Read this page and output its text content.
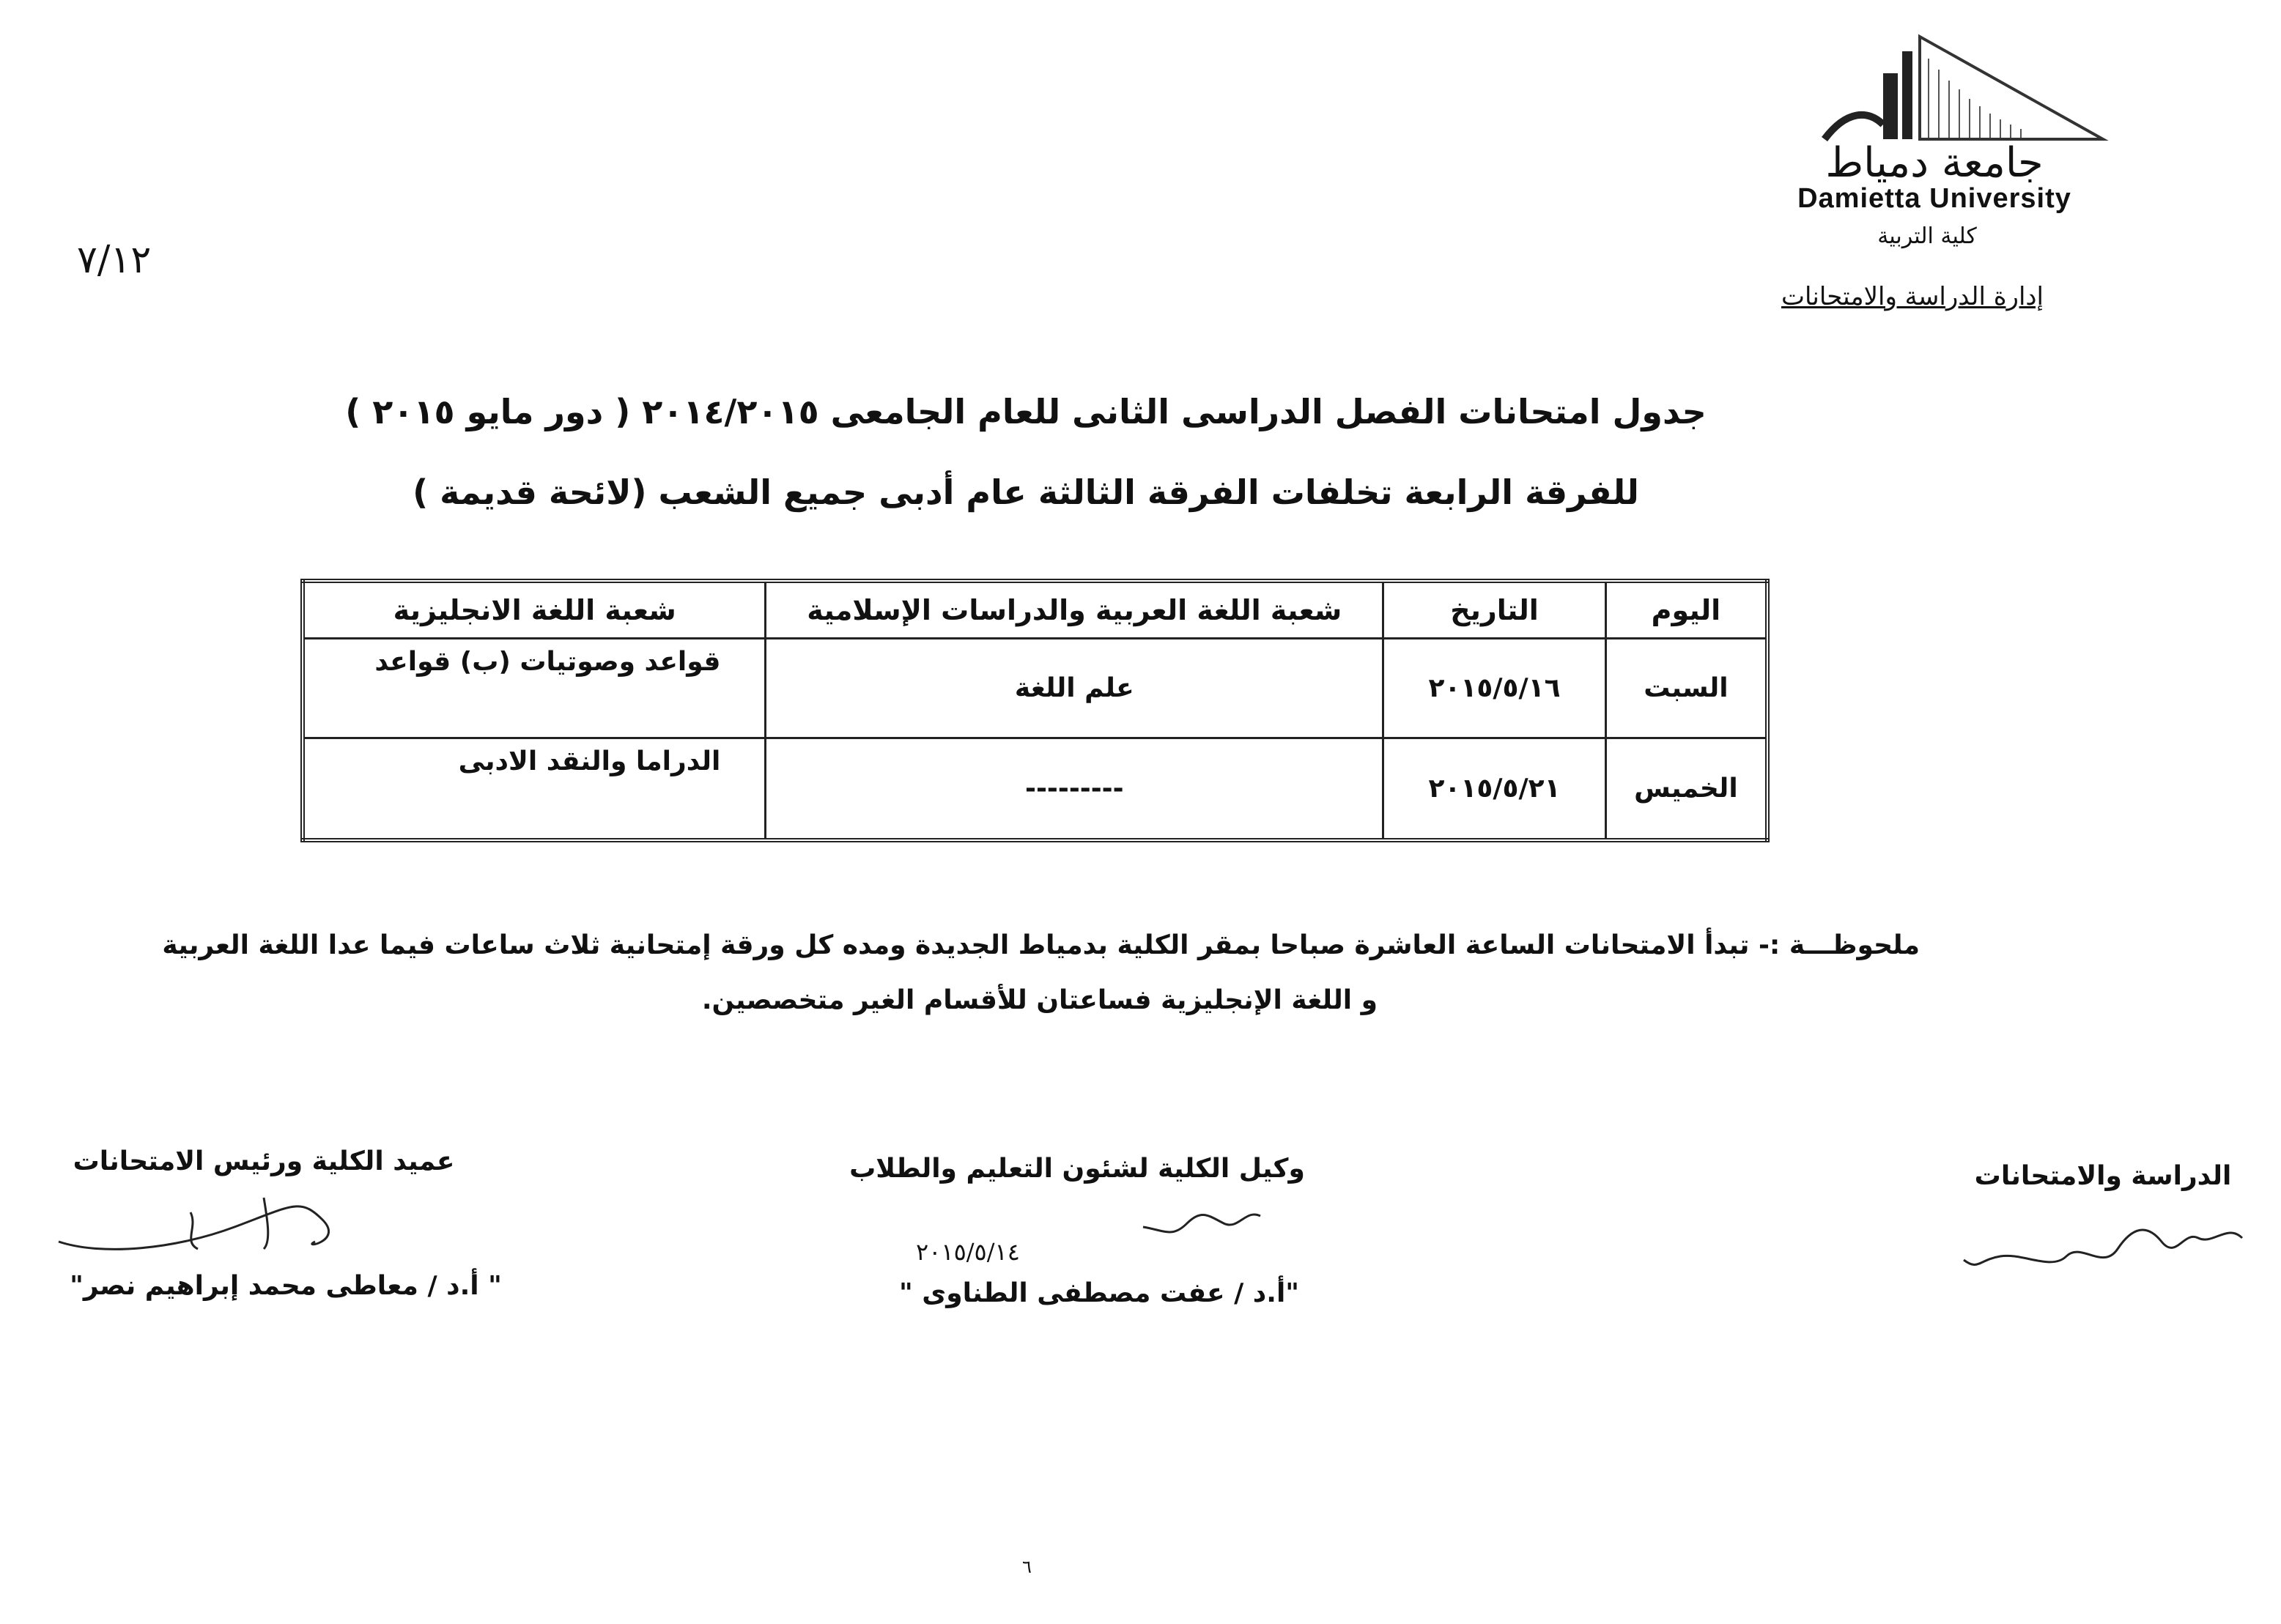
جامعة دمياط
Damietta University
كلية التربية
إدارة الدراسة والامتحانات
٧/١٢
جدول امتحانات الفصل الدراسى الثانى للعام الجامعى ٢٠١٤/٢٠١٥ ( دور مايو ٢٠١٥ )
للفرقة الرابعة تخلفات الفرقة الثالثة عام أدبى جميع الشعب (لائحة قديمة )
اليوم	التاريخ	شعبة اللغة العربية والدراسات الإسلامية	شعبة اللغة الانجليزية
السبت	٢٠١٥/٥/١٦	علم اللغة	قواعد وصوتيات (ب) قواعد
الخميس	٢٠١٥/٥/٢١	---------	الدراما والنقد الادبى
ملحوظـــة :- تبدأ الامتحانات الساعة العاشرة صباحا بمقر الكلية بدمياط الجديدة ومده كل ورقة إمتحانية ثلاث ساعات فيما عدا اللغة العربية
و اللغة الإنجليزية فساعتان للأقسام الغير متخصصين.
الدراسة والامتحانات
وكيل الكلية لشئون التعليم والطلاب
٢٠١٥/٥/١٤
"أ.د / عفت مصطفى الطناوى "
عميد الكلية ورئيس الامتحانات
" أ.د / معاطى محمد إبراهيم نصر"
٦
